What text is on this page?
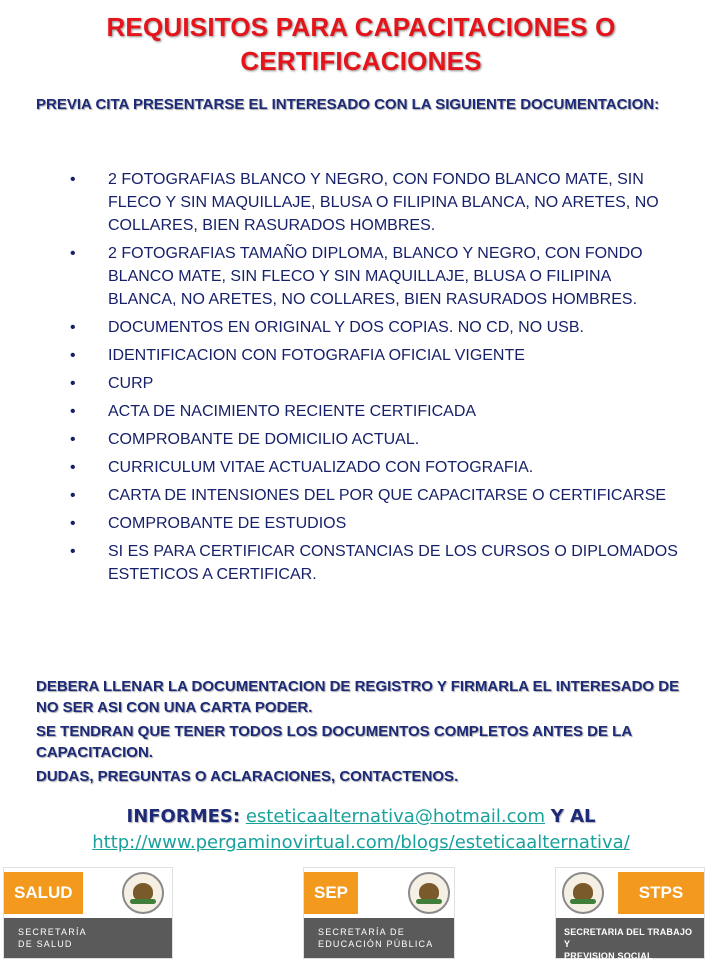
REQUISITOS PARA CAPACITACIONES O
CERTIFICACIONES
PREVIA CITA PRESENTARSE EL INTERESADO CON LA SIGUIENTE DOCUMENTACION:
• 2 FOTOGRAFIAS BLANCO Y NEGRO, CON FONDO BLANCO MATE, SIN FLECO Y SIN MAQUILLAJE, BLUSA O FILIPINA BLANCA, NO ARETES, NO COLLARES, BIEN RASURADOS HOMBRES.
• 2 FOTOGRAFIAS TAMAÑO DIPLOMA, BLANCO Y NEGRO, CON FONDO BLANCO MATE, SIN FLECO Y SIN MAQUILLAJE, BLUSA O FILIPINA BLANCA, NO ARETES, NO COLLARES, BIEN RASURADOS HOMBRES.
• DOCUMENTOS EN ORIGINAL Y DOS COPIAS. NO CD, NO USB.
• IDENTIFICACION CON FOTOGRAFIA OFICIAL VIGENTE
• CURP
• ACTA DE NACIMIENTO RECIENTE CERTIFICADA
• COMPROBANTE DE DOMICILIO ACTUAL.
• CURRICULUM VITAE ACTUALIZADO CON FOTOGRAFIA.
• CARTA DE INTENSIONES DEL POR QUE CAPACITARSE O CERTIFICARSE
• COMPROBANTE DE ESTUDIOS
• SI ES PARA CERTIFICAR CONSTANCIAS DE LOS CURSOS O DIPLOMADOS ESTETICOS A CERTIFICAR.

DEBERA LLENAR LA DOCUMENTACION DE REGISTRO Y FIRMARLA EL INTERESADO DE NO SER ASI CON UNA CARTA PODER.

SE TENDRAN QUE TENER TODOS LOS DOCUMENTOS COMPLETOS ANTES DE LA CAPACITACION.

DUDAS, PREGUNTAS O ACLARACIONES, CONTACTENOS.

INFORMES: esteticaalternativa@hotmail.com Y AL
http://www.pergaminovirtual.com/blogs/esteticaalternativa/
SALUD
SECRETARÍA
DE SALUD
SEP
SECRETARÍA DE
EDUCACIÓN PÚBLICA
STPS
SECRETARIA DEL TRABAJO Y
PREVISION SOCIAL
